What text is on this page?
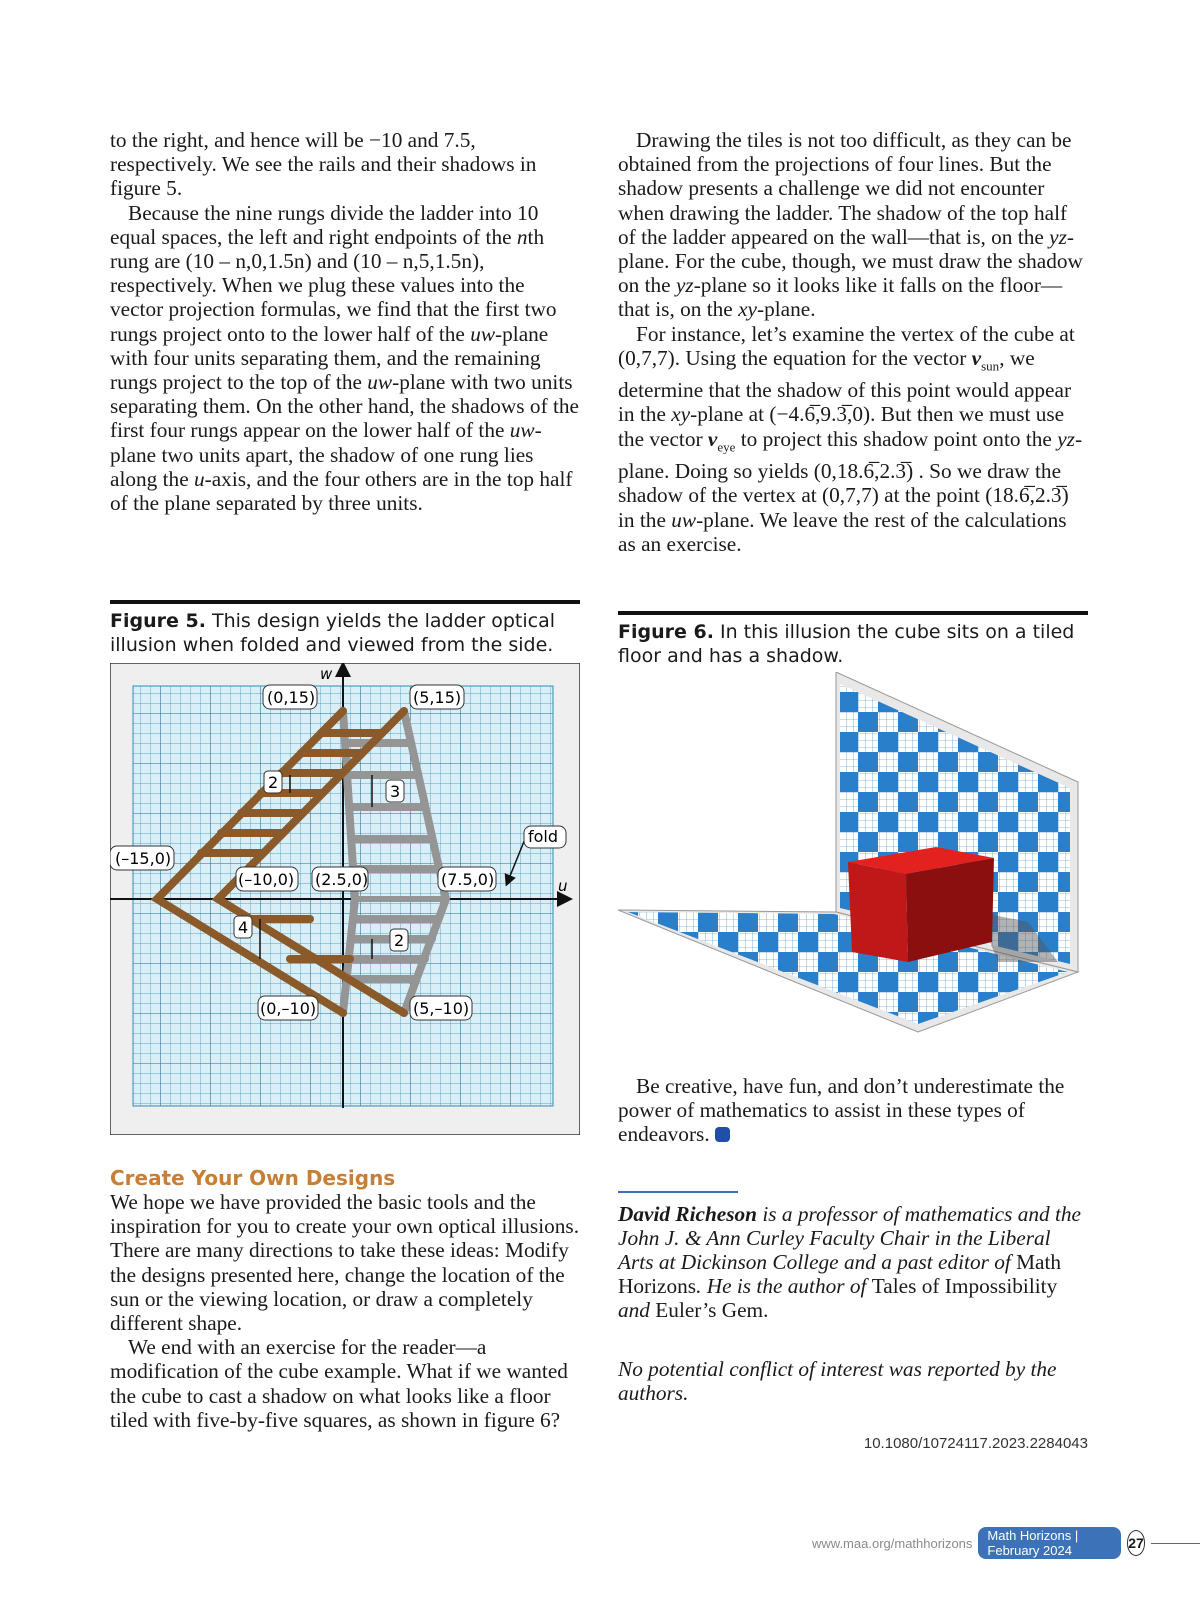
to the right, and hence will be −10 and 7.5, respectively. We see the rails and their shadows in figure 5.

Because the nine rungs divide the ladder into 10 equal spaces, the left and right endpoints of the nth rung are (10 – n,0,1.5n) and (10 – n,5,1.5n), respectively. When we plug these values into the vector projection formulas, we find that the first two rungs project onto to the lower half of the uw-plane with four units separating them, and the remaining rungs project to the top of the uw-plane with two units separating them. On the other hand, the shadows of the first four rungs appear on the lower half of the uw-plane two units apart, the shadow of one rung lies along the u-axis, and the four others are in the top half of the plane separated by three units.

Figure 5. This design yields the ladder optical illusion when folded and viewed from the side.
w
u
(0,15)	(5,15)
(–15,0)
(–10,0) (2.5,0)	(7.5,0)
(0,–10)	(5,–10)
fold
2	3
4
2
Create Your Own Designs

We hope we have provided the basic tools and the inspiration for you to create your own optical illusions. There are many directions to take these ideas: Modify the designs presented here, change the location of the sun or the viewing location, or draw a completely different shape.

We end with an exercise for the reader—a modification of the cube example. What if we wanted the cube to cast a shadow on what looks like a floor tiled with five-by-five squares, as shown in figure 6?

Drawing the tiles is not too difficult, as they can be obtained from the projections of four lines. But the shadow presents a challenge we did not encounter when drawing the ladder. The shadow of the top half of the ladder appeared on the wall—that is, on the yz-plane. For the cube, though, we must draw the shadow on the yz-plane so it looks like it falls on the floor—that is, on the xy-plane.

For instance, let’s examine the vertex of the cube at (0,7,7). Using the equation for the vector $v_{sun}$, we determine that the shadow of this point would appear in the xy-plane at (−4.6̅,9.3̅,0). But then we must use the vector $v_{eye}$ to project this shadow point onto the yz-plane. Doing so yields (0,18.6̅,2.3̅) . So we draw the shadow of the vertex at (0,7,7) at the point (18.6̅,2.3̅) in the uw-plane. We leave the rest of the calculations as an exercise.

Figure 6. In this illusion the cube sits on a tiled floor and has a shadow.

Be creative, have fun, and don’t underestimate the power of mathematics to assist in these types of endeavors.

David Richeson is a professor of mathematics and the John J. & Ann Curley Faculty Chair in the Liberal Arts at Dickinson College and a past editor of Math Horizons. He is the author of Tales of Impossibility and Euler’s Gem.

No potential conflict of interest was reported by the authors.

10.1080/10724117.2023.2284043
www.maa.org/mathhorizons	Math Horizons | February 2024	27
